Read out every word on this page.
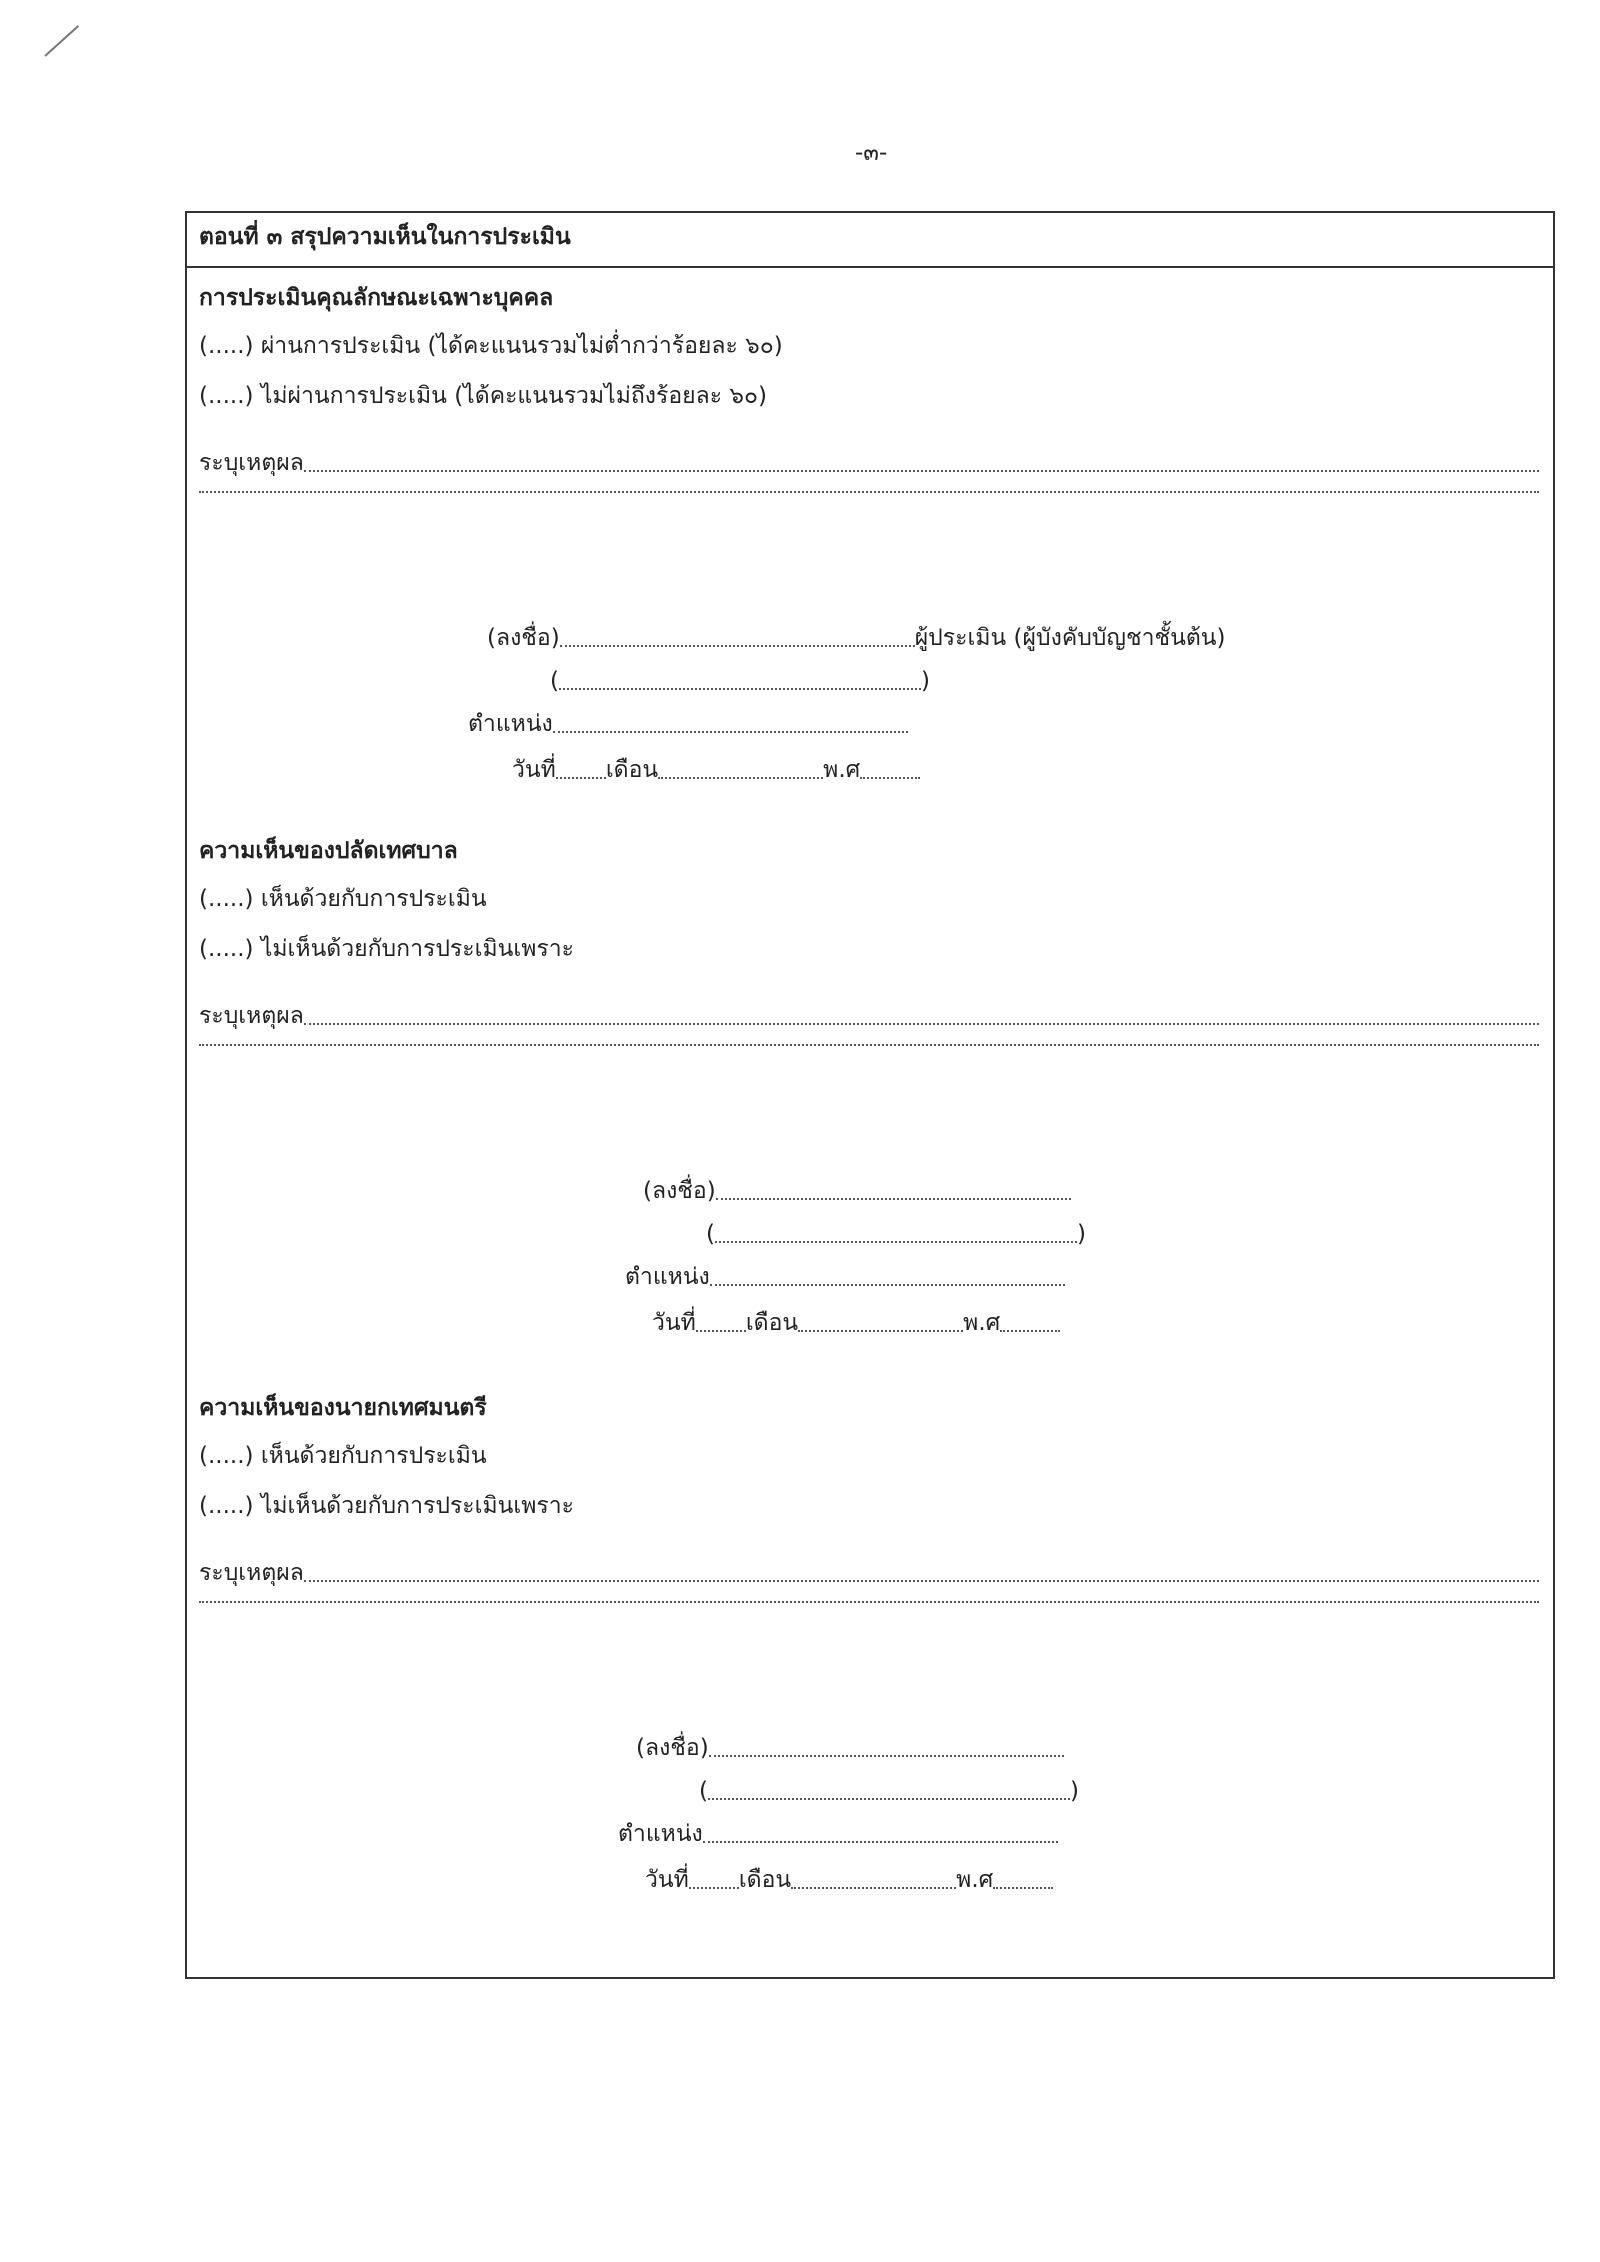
-๓-
ตอนที่ ๓ สรุปความเห็นในการประเมิน
การประเมินคุณลักษณะเฉพาะบุคคล
(.....) ผ่านการประเมิน (ได้คะแนนรวมไม่ต่ำกว่าร้อยละ ๖๐)
(.....) ไม่ผ่านการประเมิน (ได้คะแนนรวมไม่ถึงร้อยละ ๖๐)
ระบุเหตุผล
(ลงชื่อ)	ผู้ประเมิน (ผู้บังคับบัญชาชั้นต้น)
(	)
ตำแหน่ง
วันที่ เดือน	พ.ศ
ความเห็นของปลัดเทศบาล
(.....) เห็นด้วยกับการประเมิน
(.....) ไม่เห็นด้วยกับการประเมินเพราะ
ระบุเหตุผล
(ลงชื่อ)
(	)
ตำแหน่ง
วันที่ เดือน	พ.ศ
ความเห็นของนายกเทศมนตรี
(.....) เห็นด้วยกับการประเมิน
(.....) ไม่เห็นด้วยกับการประเมินเพราะ
ระบุเหตุผล
(ลงชื่อ)
(	)
ตำแหน่ง
วันที่ เดือน	พ.ศ
